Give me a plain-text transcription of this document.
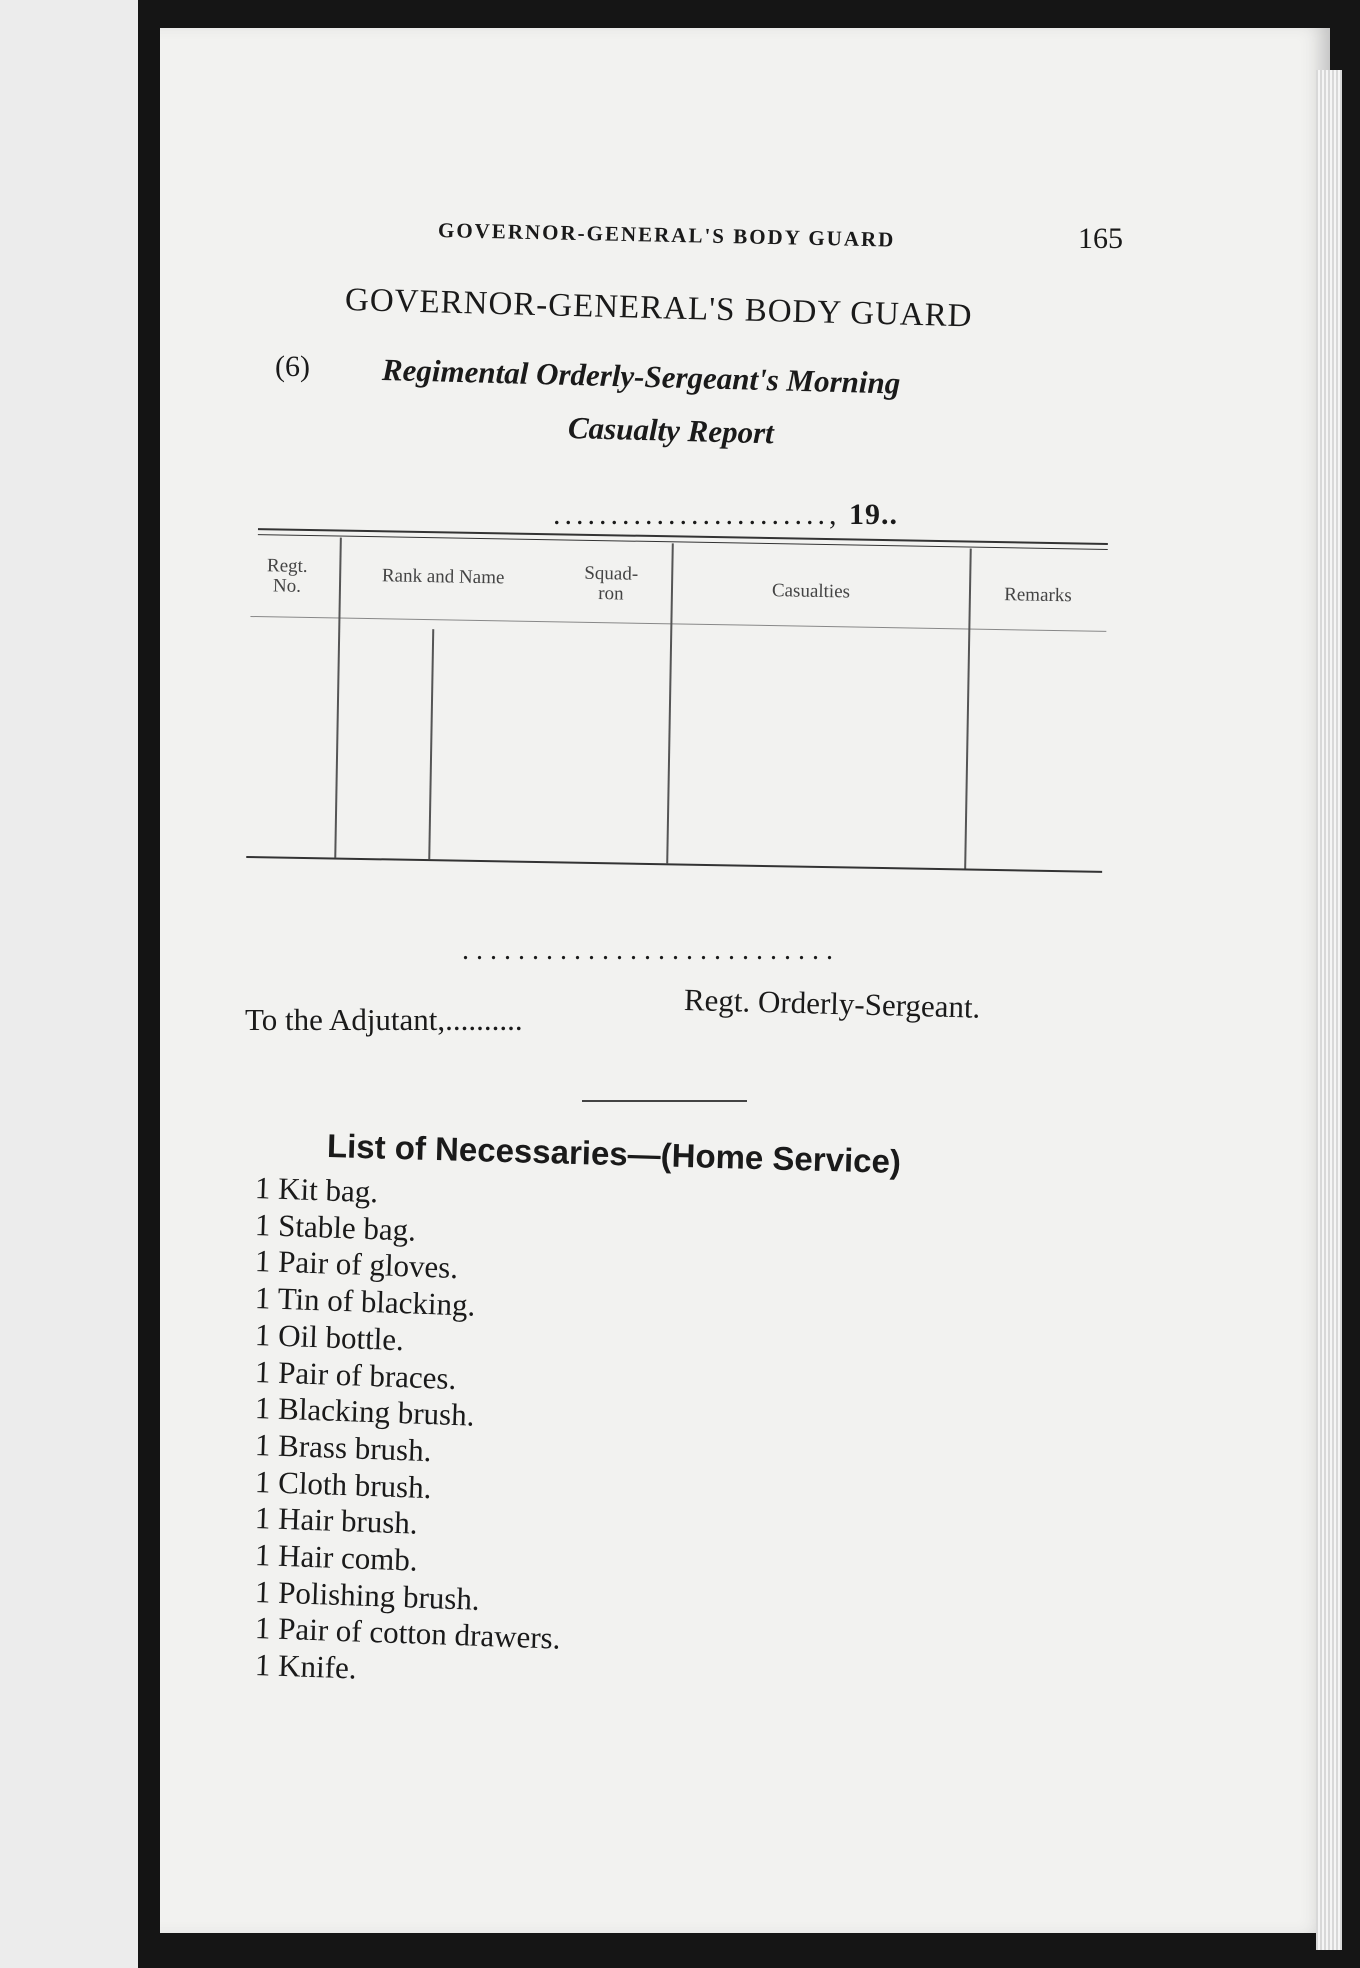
GOVERNOR-GENERAL'S BODY GUARD	165
GOVERNOR-GENERAL'S BODY GUARD
(6) Regimental Orderly-Sergeant's Morning
Casualty Report
........................, 19..
Regt. No.	Rank and Name	Squad- ron	Casualties	Remarks
...........................
Regt. Orderly-Sergeant.
To the Adjutant,..........
List of Necessaries—(Home Service)
1 Kit bag.
1 Stable bag.
1 Pair of gloves.
1 Tin of blacking.
1 Oil bottle.
1 Pair of braces.
1 Blacking brush.
1 Brass brush.
1 Cloth brush.
1 Hair brush.
1 Hair comb.
1 Polishing brush.
1 Pair of cotton drawers.
1 Knife.
